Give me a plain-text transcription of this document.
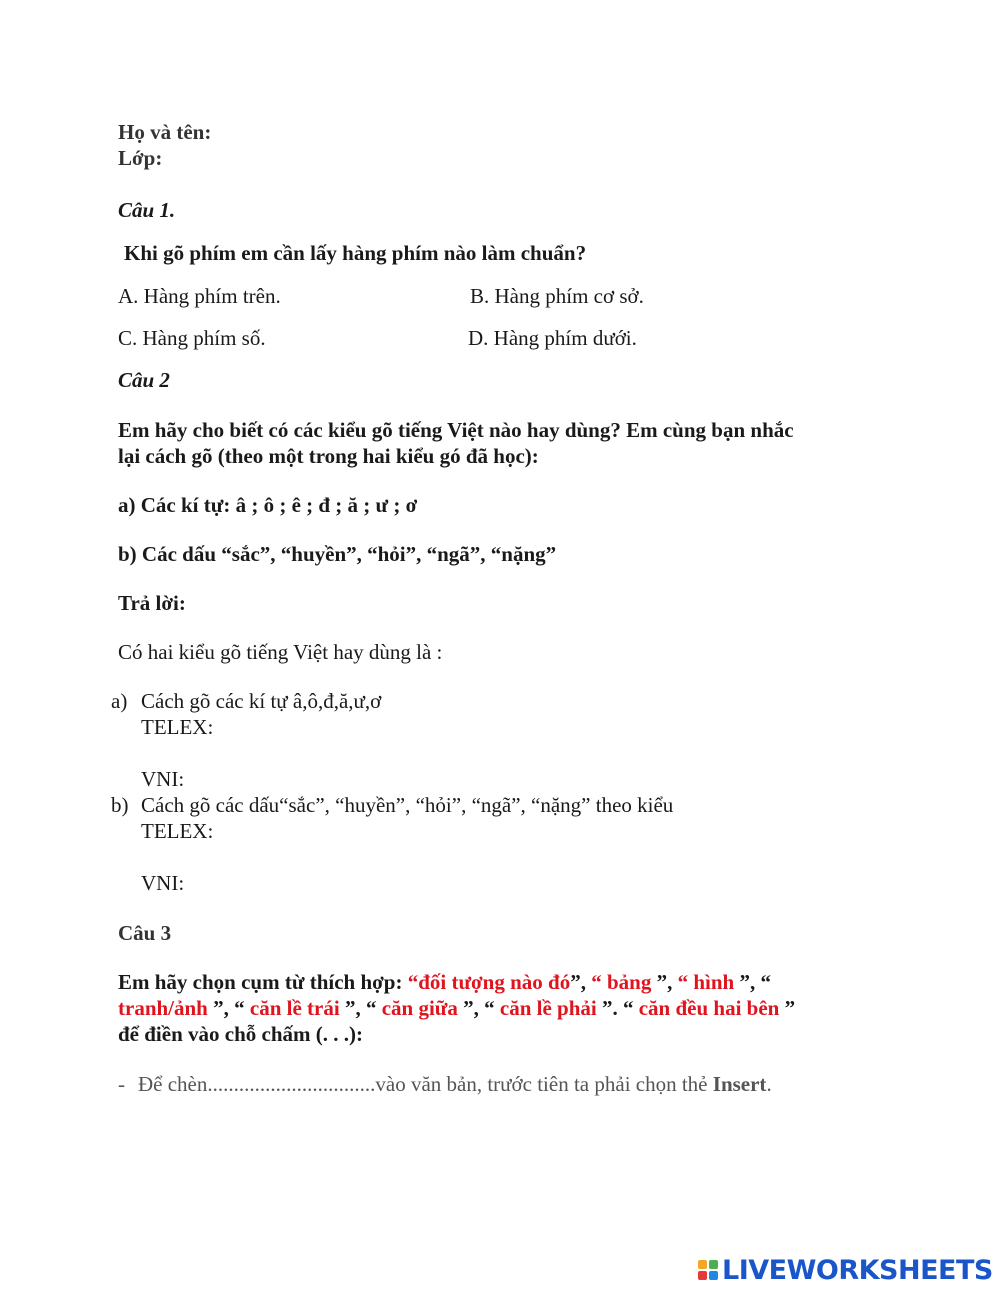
Họ và tên:
Lớp:
Câu 1.
Khi gõ phím em cần lấy hàng phím nào làm chuẩn?
A. Hàng phím trên.	B. Hàng phím cơ sở.
C. Hàng phím số.	D. Hàng phím dưới.
Câu 2
Em hãy cho biết có các kiểu gõ tiếng Việt nào hay dùng? Em cùng bạn nhắc
lại cách gõ (theo một trong hai kiểu gó đã học):
a) Các kí tự: â ; ô ; ê ; đ ; ă ; ư ; ơ
b) Các dấu “sắc”, “huyền”, “hỏi”, “ngã”, “nặng”
Trả lời:
Có hai kiểu gõ tiếng Việt hay dùng là :
a) Cách gõ các kí tự â,ô,đ,ă,ư,ơ
TELEX:
VNI:
b) Cách gõ các dấu“sắc”, “huyền”, “hỏi”, “ngã”, “nặng” theo kiểu
TELEX:
VNI:
Câu 3
Em hãy chọn cụm từ thích hợp: “đối tượng nào đó”, “ bảng ”, “ hình ”, “
tranh/ảnh ”, “ căn lề trái ”, “ căn giữa ”, “ căn lề phải ”. “ căn đều hai bên ”
để điền vào chỗ chấm (. . .):
- Để chèn................................vào văn bản, trước tiên ta phải chọn thẻ Insert.
LIVEWORKSHEETS
